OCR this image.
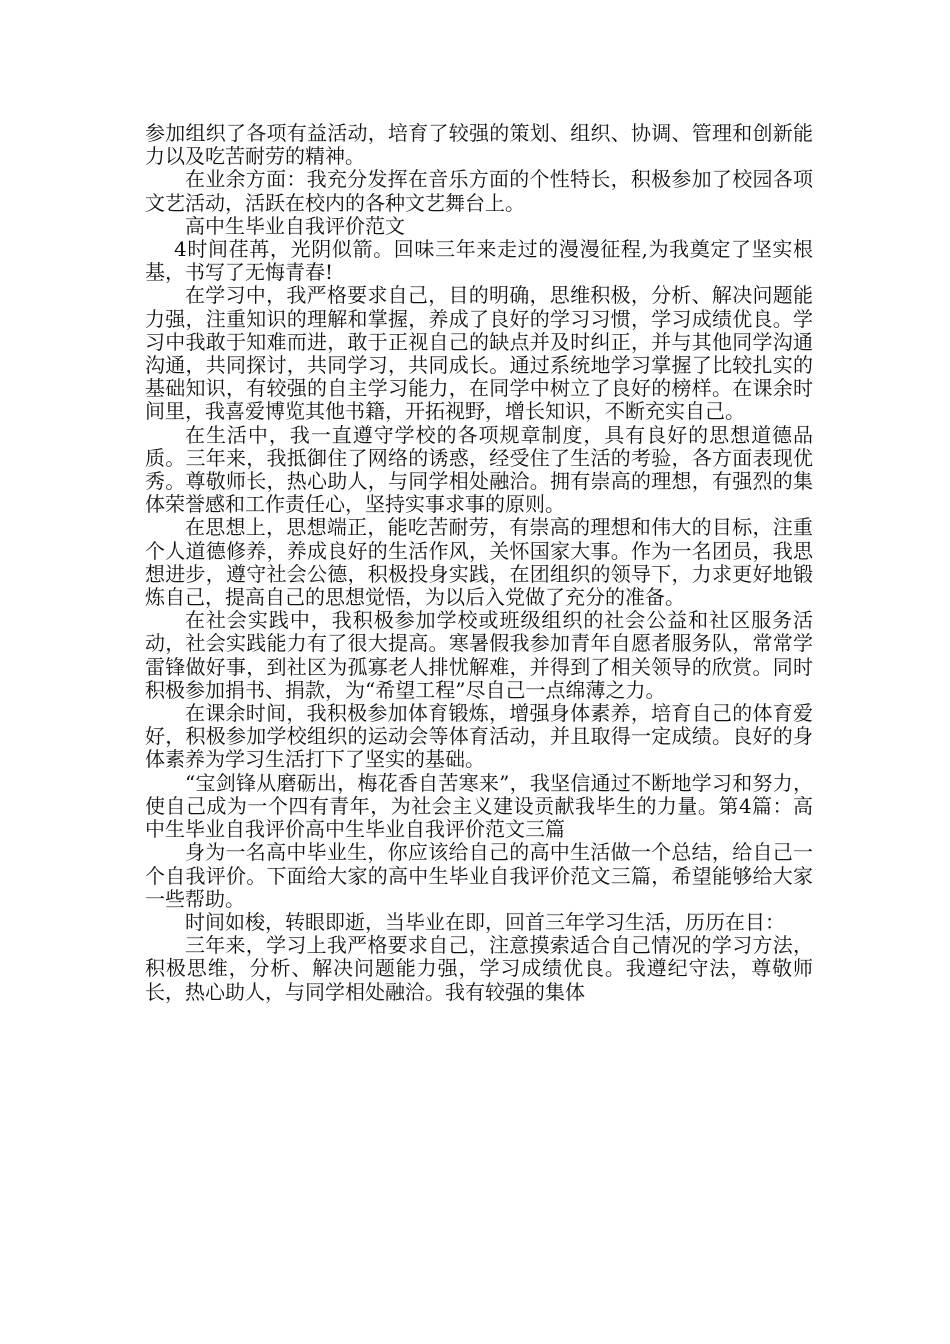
参加组织了各项有益活动，培育了较强的策划、组织、协调、管理和创新能力以及吃苦耐劳的精神。

在业余方面：我充分发挥在音乐方面的个性特长，积极参加了校园各项文艺活动，活跃在校内的各种文艺舞台上。

高中生毕业自我评价范文

4时间荏苒，光阴似箭。回味三年来走过的漫漫征程,为我奠定了坚实根基，书写了无悔青春!

在学习中，我严格要求自己，目的明确，思维积极，分析、解决问题能力强，注重知识的理解和掌握，养成了良好的学习习惯，学习成绩优良。学习中我敢于知难而进，敢于正视自己的缺点并及时纠正，并与其他同学沟通沟通，共同探讨，共同学习，共同成长。通过系统地学习掌握了比较扎实的基础知识，有较强的自主学习能力，在同学中树立了良好的榜样。在课余时间里，我喜爱博览其他书籍，开拓视野，增长知识，不断充实自己。

在生活中，我一直遵守学校的各项规章制度，具有良好的思想道德品质。三年来，我抵御住了网络的诱惑，经受住了生活的考验，各方面表现优秀。尊敬师长，热心助人，与同学相处融洽。拥有崇高的理想，有强烈的集体荣誉感和工作责任心，坚持实事求事的原则。

在思想上，思想端正，能吃苦耐劳，有崇高的理想和伟大的目标，注重个人道德修养，养成良好的生活作风，关怀国家大事。作为一名团员，我思想进步，遵守社会公德，积极投身实践，在团组织的领导下，力求更好地锻炼自己，提高自己的思想觉悟，为以后入党做了充分的准备。

在社会实践中，我积极参加学校或班级组织的社会公益和社区服务活动，社会实践能力有了很大提高。寒暑假我参加青年自愿者服务队，常常学雷锋做好事，到社区为孤寡老人排忧解难，并得到了相关领导的欣赏。同时积极参加捐书、捐款，为“希望工程”尽自己一点绵薄之力。

在课余时间，我积极参加体育锻炼，增强身体素养，培育自己的体育爱好，积极参加学校组织的运动会等体育活动，并且取得一定成绩。良好的身体素养为学习生活打下了坚实的基础。

“宝剑锋从磨砺出，梅花香自苦寒来”，我坚信通过不断地学习和努力，使自己成为一个四有青年，为社会主义建设贡献我毕生的力量。第4篇：高中生毕业自我评价高中生毕业自我评价范文三篇

身为一名高中毕业生，你应该给自己的高中生活做一个总结，给自己一个自我评价。下面给大家的高中生毕业自我评价范文三篇，希望能够给大家一些帮助。

时间如梭，转眼即逝，当毕业在即，回首三年学习生活，历历在目：

三年来，学习上我严格要求自己，注意摸索适合自己情况的学习方法，积极思维，分析、解决问题能力强，学习成绩优良。我遵纪守法，尊敬师长，热心助人，与同学相处融洽。我有较强的集体
